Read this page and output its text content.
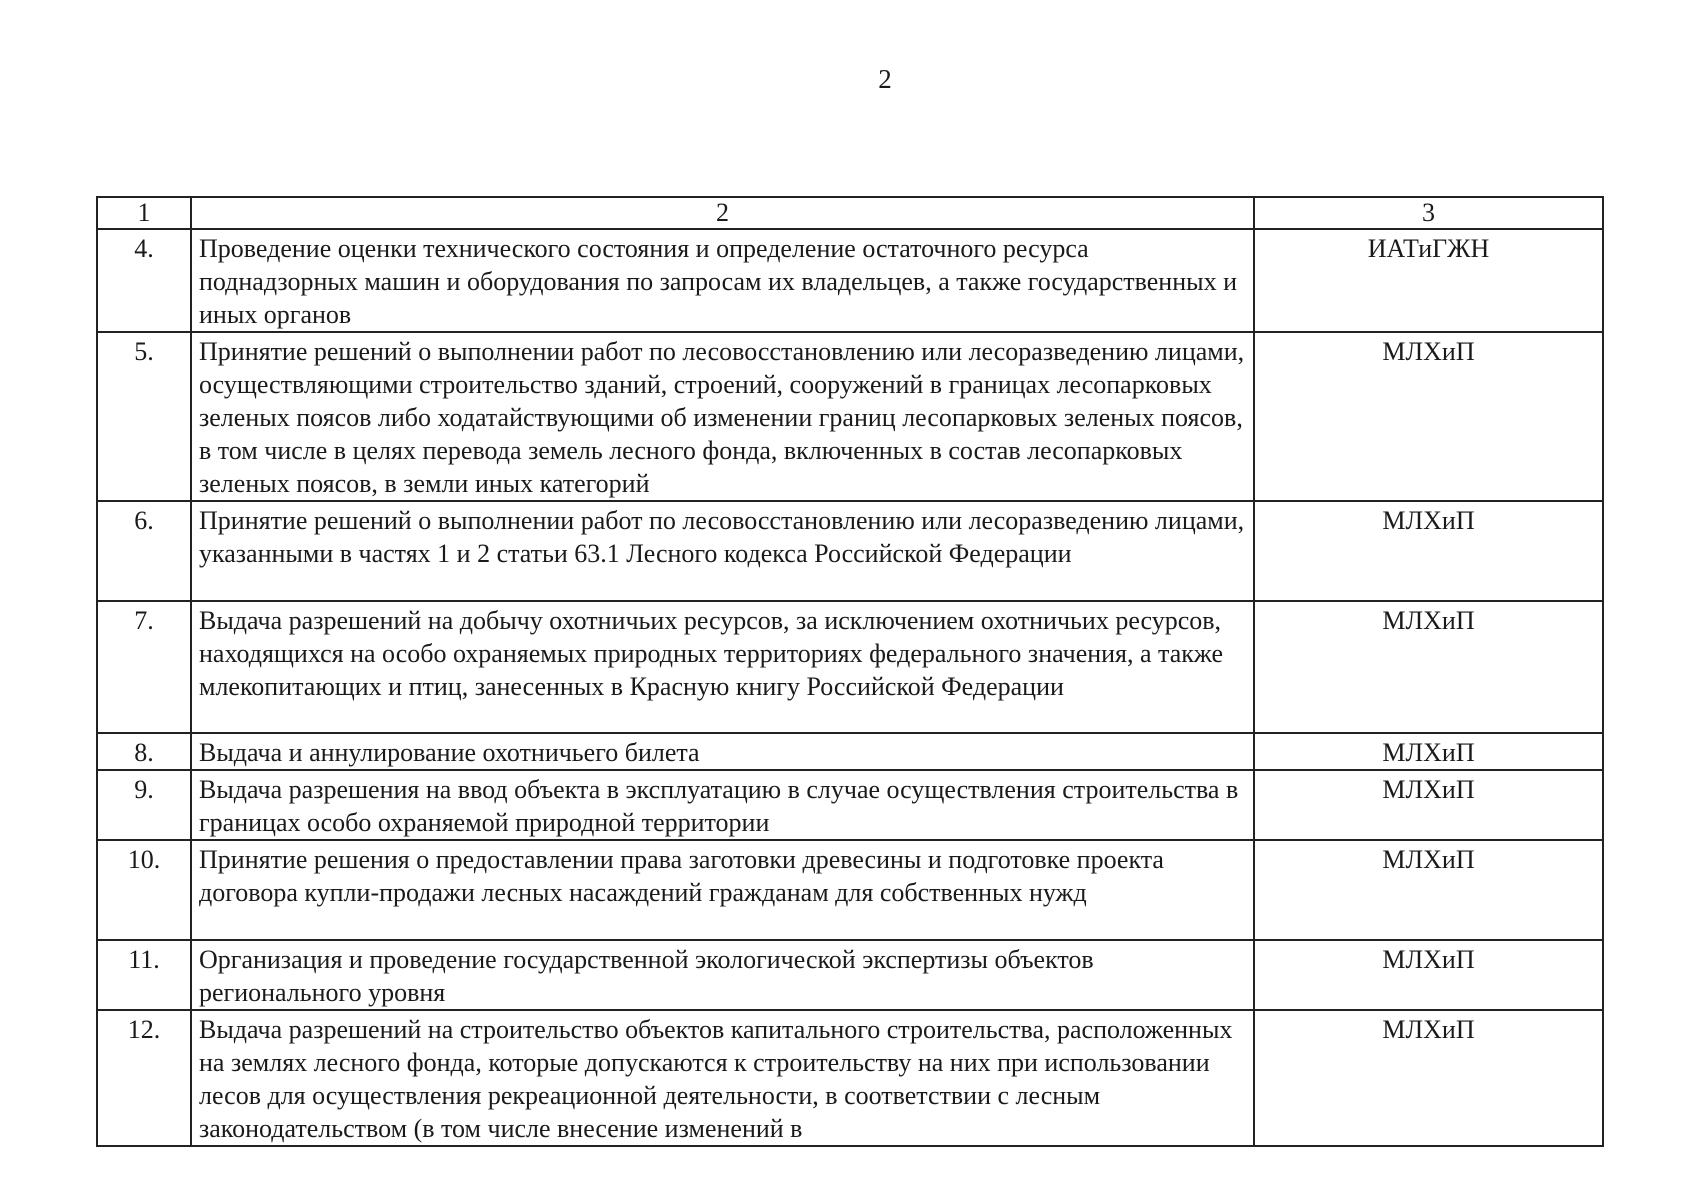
2
1	2	3
4.	Проведение оценки технического состояния и определение остаточного ресурса поднадзорных машин и оборудования по запросам их владельцев, а также государственных и иных органов	ИАТиГЖН
5.	Принятие решений о выполнении работ по лесовосстановлению или лесоразведению лицами, осуществляющими строительство зданий, строений, сооружений в границах лесопарковых зеленых поясов либо ходатайствующими об изменении границ лесопарковых зеленых поясов, в том числе в целях перевода земель лесного фонда, включенных в состав лесопарковых зеленых поясов, в земли иных категорий	МЛХиП
6.	Принятие решений о выполнении работ по лесовосстановлению или лесоразведению лицами, указанными в частях 1 и 2 статьи 63.1 Лесного кодекса Российской Федерации	МЛХиП
7.	Выдача разрешений на добычу охотничьих ресурсов, за исключением охотничьих ресурсов, находящихся на особо охраняемых природных территориях федерального значения, а также млекопитающих и птиц, занесенных в Красную книгу Российской Федерации	МЛХиП
8.	Выдача и аннулирование охотничьего билета	МЛХиП
9.	Выдача разрешения на ввод объекта в эксплуатацию в случае осуществления строительства в границах особо охраняемой природной территории	МЛХиП
10.	Принятие решения о предоставлении права заготовки древесины и подготовке проекта договора купли-продажи лесных насаждений гражданам для собственных нужд	МЛХиП
11.	Организация и проведение государственной экологической экспертизы объектов регионального уровня	МЛХиП
12.	Выдача разрешений на строительство объектов капитального строительства, расположенных на землях лесного фонда, которые допускаются к строительству на них при использовании лесов для осуществления рекреационной деятельности, в соответствии с лесным законодательством (в том числе внесение изменений в	МЛХиП
